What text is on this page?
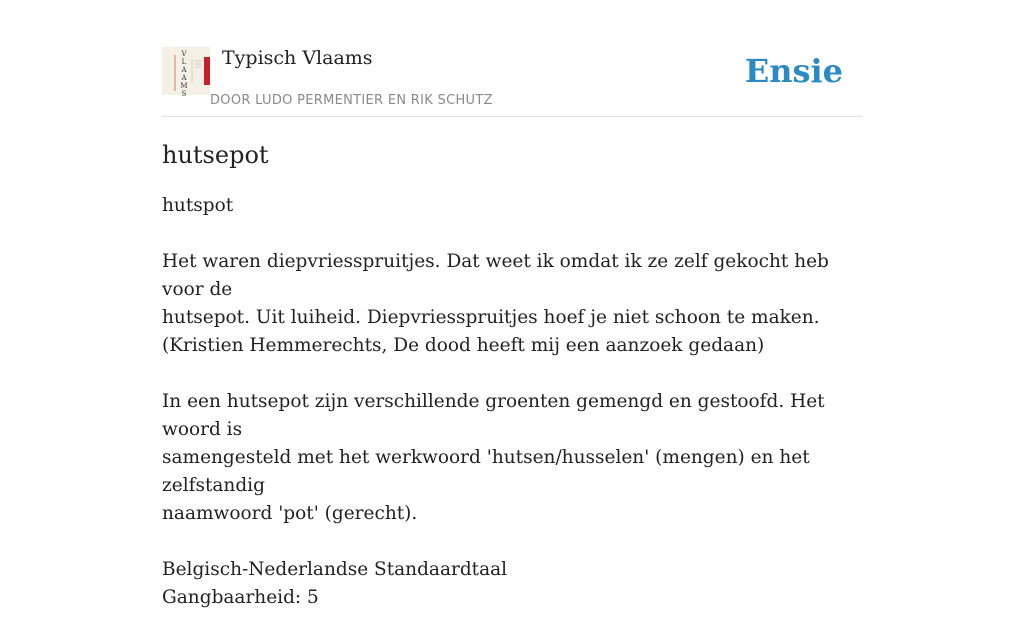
V
L
A
A
M
S
Typisch Vlaams
DOOR LUDO PERMENTIER EN RIK SCHUTZ
Ensie
hutsepot

hutspot

Het waren diepvriesspruitjes. Dat weet ik omdat ik ze zelf gekocht heb voor de
hutsepot. Uit luiheid. Diepvriesspruitjes hoef je niet schoon te maken.
(Kristien Hemmerechts, De dood heeft mij een aanzoek gedaan)

In een hutsepot zijn verschillende groenten gemengd en gestoofd. Het woord is
samengesteld met het werkwoord 'hutsen/husselen' (mengen) en het zelfstandig
naamwoord 'pot' (gerecht).

Belgisch-Nederlandse Standaardtaal
Gangbaarheid: 5
